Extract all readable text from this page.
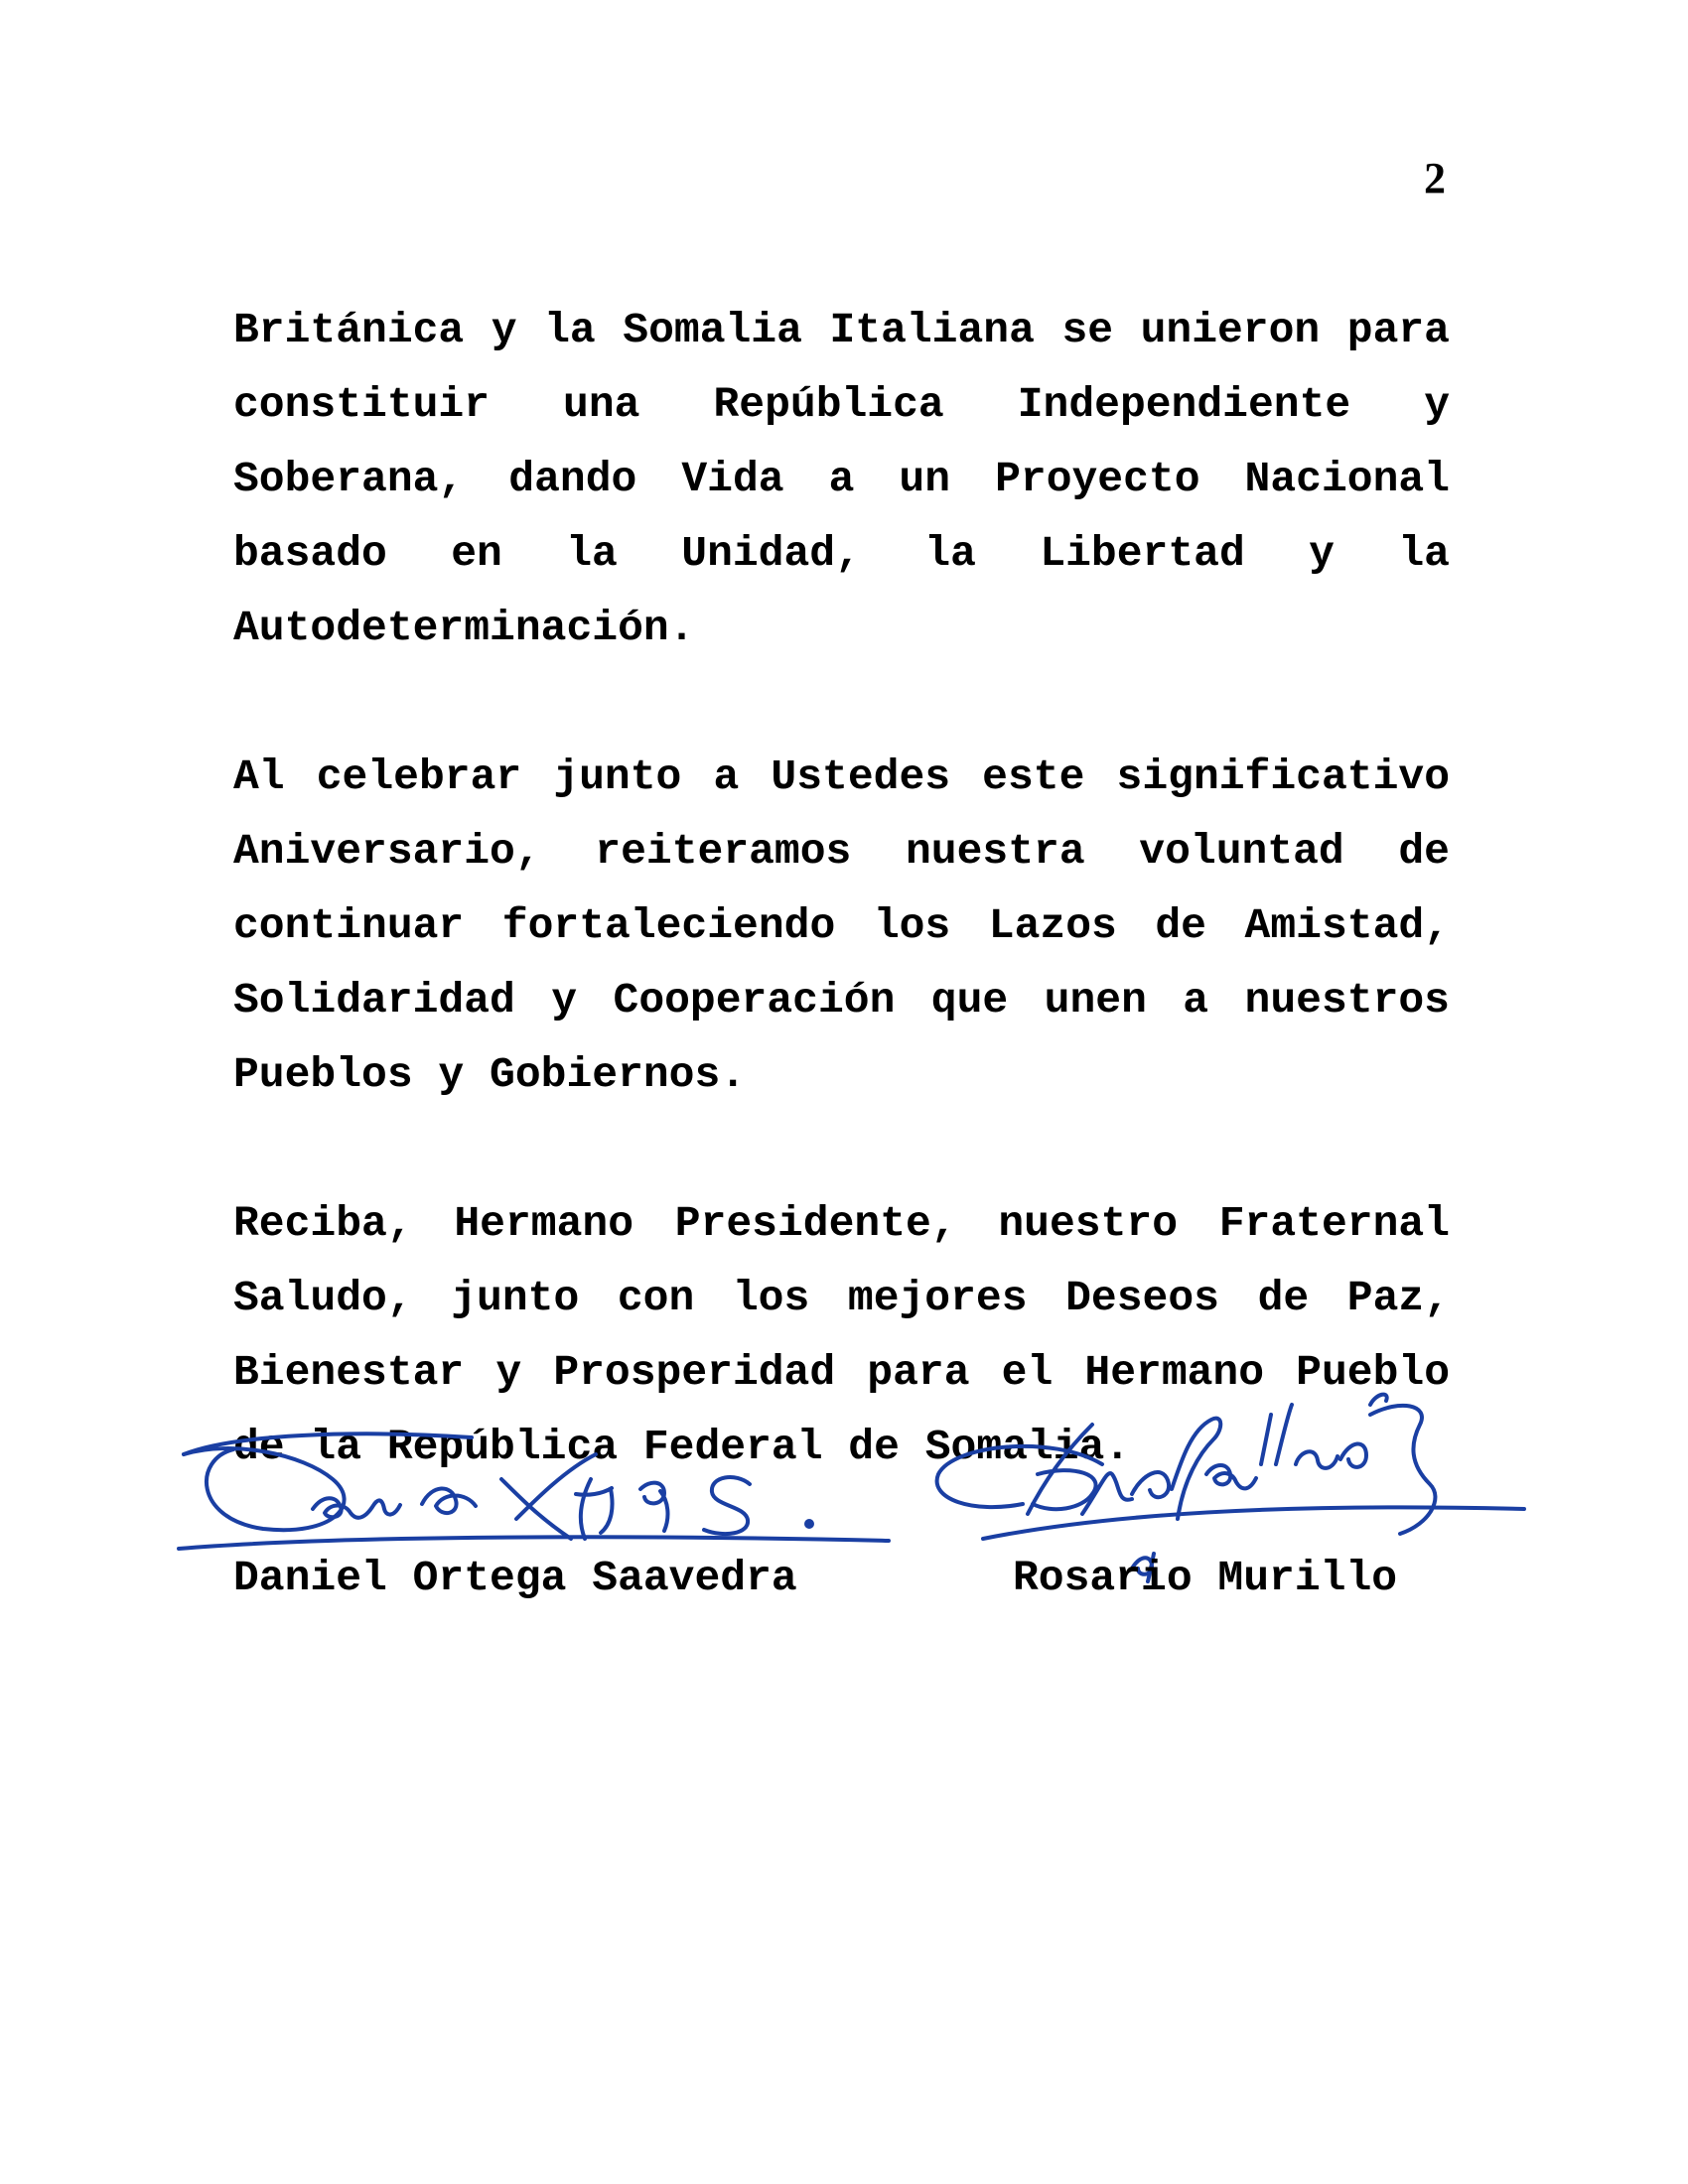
2

Británica y la Somalia Italiana se unieron para constituir una República Independiente y Soberana, dando Vida a un Proyecto Nacional basado en la Unidad, la Libertad y la Autodeterminación.

Al celebrar junto a Ustedes este significativo Aniversario, reiteramos nuestra voluntad de continuar fortaleciendo los Lazos de Amistad, Solidaridad y Cooperación que unen a nuestros Pueblos y Gobiernos.

Reciba, Hermano Presidente, nuestro Fraternal Saludo, junto con los mejores Deseos de Paz, Bienestar y Prosperidad para el Hermano Pueblo de la República Federal de Somalia.

Daniel Ortega Saavedra	Rosario Murillo
